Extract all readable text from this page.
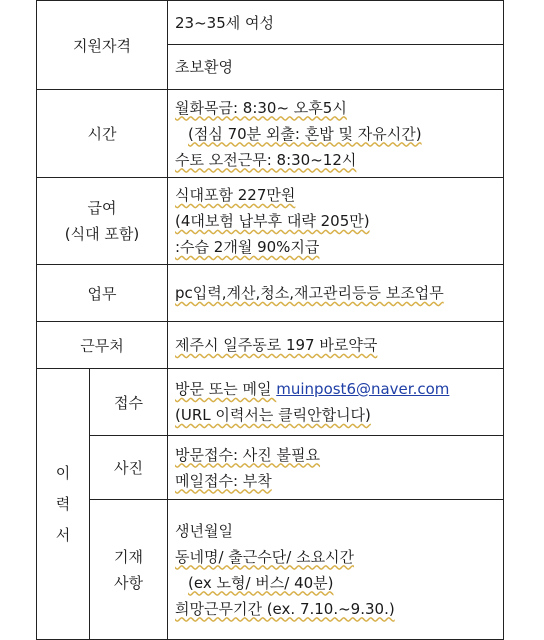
지원자격		23~35세 여성

		초보환영

시간		월화목금: 8:30~ 오후5시
(점심 70분 외출: 혼밥 및 자유시간)
수토 오전근무: 8:30~12시

급여
(식대 포함)		식대포함 227만원
(4대보험 납부후 대략 205만)
:수습 2개월 90%지급

업무		pc입력,계산,청소,재고관리등등 보조업무

근무처		제주시 일주동로 197 바로약국

이
력
서	접수	방문 또는 메일 muinpost6@naver.com
(URL 이력서는 클릭안합니다)

	사진	방문접수: 사진 불필요
메일접수: 부착

	기재
사항	생년월일
동네명/ 출근수단/ 소요시간
(ex 노형/ 버스/ 40분)
희망근무기간 (ex. 7.10.~9.30.)
